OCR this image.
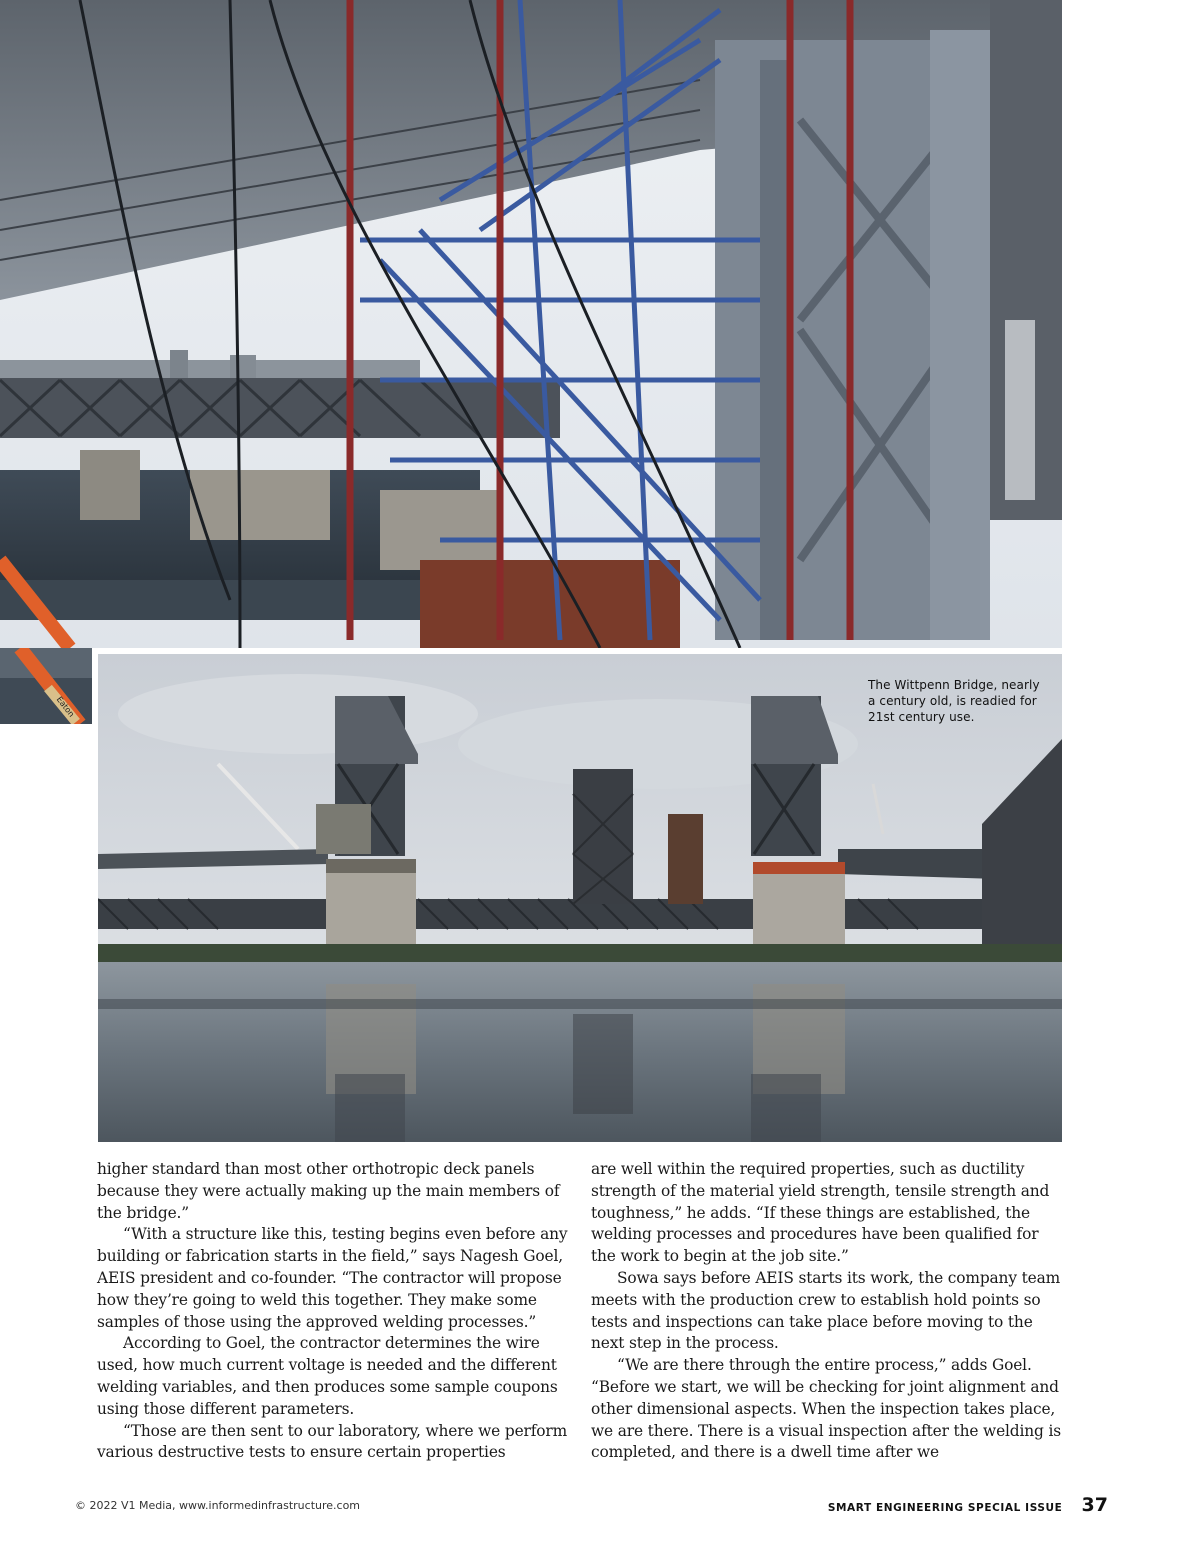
Eaton
The Wittpenn Bridge, nearly a century old, is readied for 21st century use.

higher standard than most other orthotropic deck panels because they were actually making up the main members of the bridge.”

“With a structure like this, testing begins even before any building or fabrication starts in the field,” says Nagesh Goel, AEIS president and co-founder. “The contractor will propose how they’re going to weld this together. They make some samples of those using the approved welding processes.”

According to Goel, the contractor determines the wire used, how much current voltage is needed and the different welding variables, and then produces some sample coupons using those different parameters.

“Those are then sent to our laboratory, where we perform various destructive tests to ensure certain properties

are well within the required properties, such as ductility strength of the material yield strength, tensile strength and toughness,” he adds. “If these things are established, the welding processes and procedures have been qualified for the work to begin at the job site.”

Sowa says before AEIS starts its work, the company team meets with the production crew to establish hold points so tests and inspections can take place before moving to the next step in the process.

“We are there through the entire process,” adds Goel. “Before we start, we will be checking for joint alignment and other dimensional aspects. When the inspection takes place, we are there. There is a visual inspection after the welding is completed, and there is a dwell time after we

© 2022 V1 Media, www.informedinfrastructure.com	SMART ENGINEERING SPECIAL ISSUE 37
